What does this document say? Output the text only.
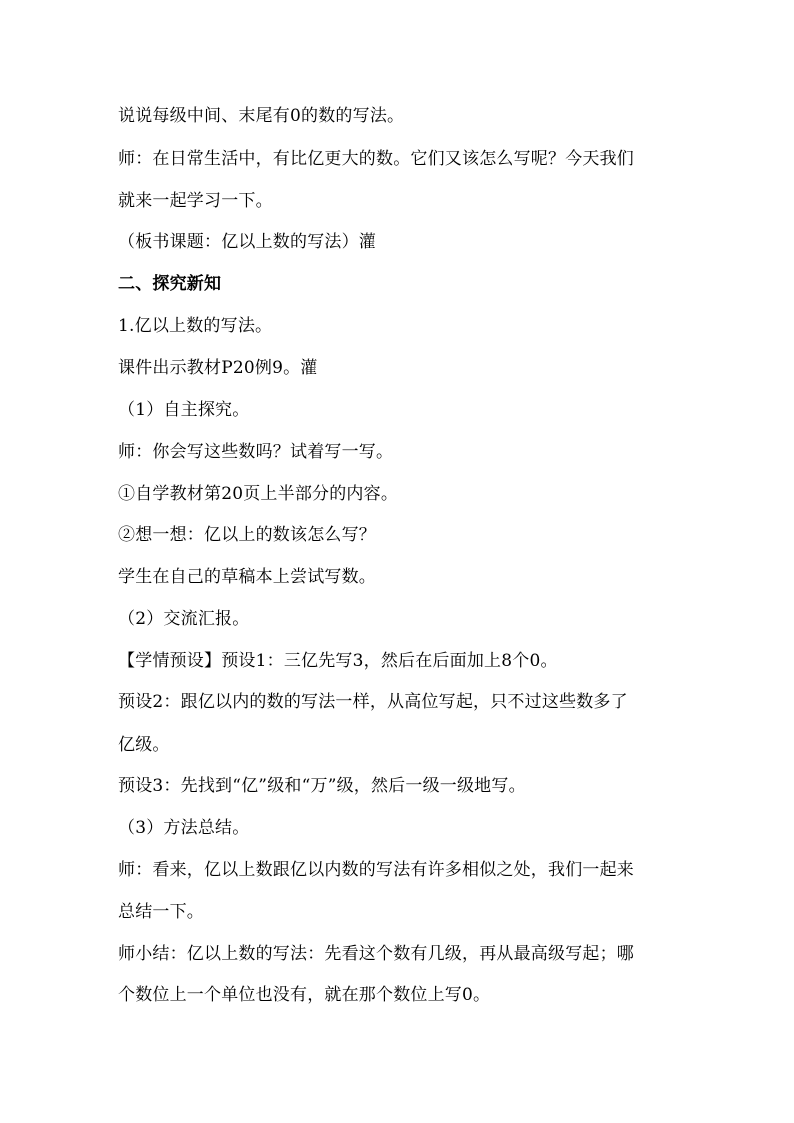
说说每级中间、末尾有0的数的写法。
师：在日常生活中，有比亿更大的数。它们又该怎么写呢？今天我们
就来一起学习一下。
（板书课题：亿以上数的写法）灌
二、探究新知
1.亿以上数的写法。
课件出示教材P20例9。灌
（1）自主探究。
师：你会写这些数吗？试着写一写。
①自学教材第20页上半部分的内容。
②想一想：亿以上的数该怎么写？
学生在自己的草稿本上尝试写数。
（2）交流汇报。
【学情预设】预设1：三亿先写3，然后在后面加上8个0。
预设2：跟亿以内的数的写法一样，从高位写起，只不过这些数多了
亿级。
预设3：先找到“亿”级和“万”级，然后一级一级地写。
（3）方法总结。
师：看来，亿以上数跟亿以内数的写法有许多相似之处，我们一起来
总结一下。
师小结：亿以上数的写法：先看这个数有几级，再从最高级写起；哪
个数位上一个单位也没有，就在那个数位上写0。
